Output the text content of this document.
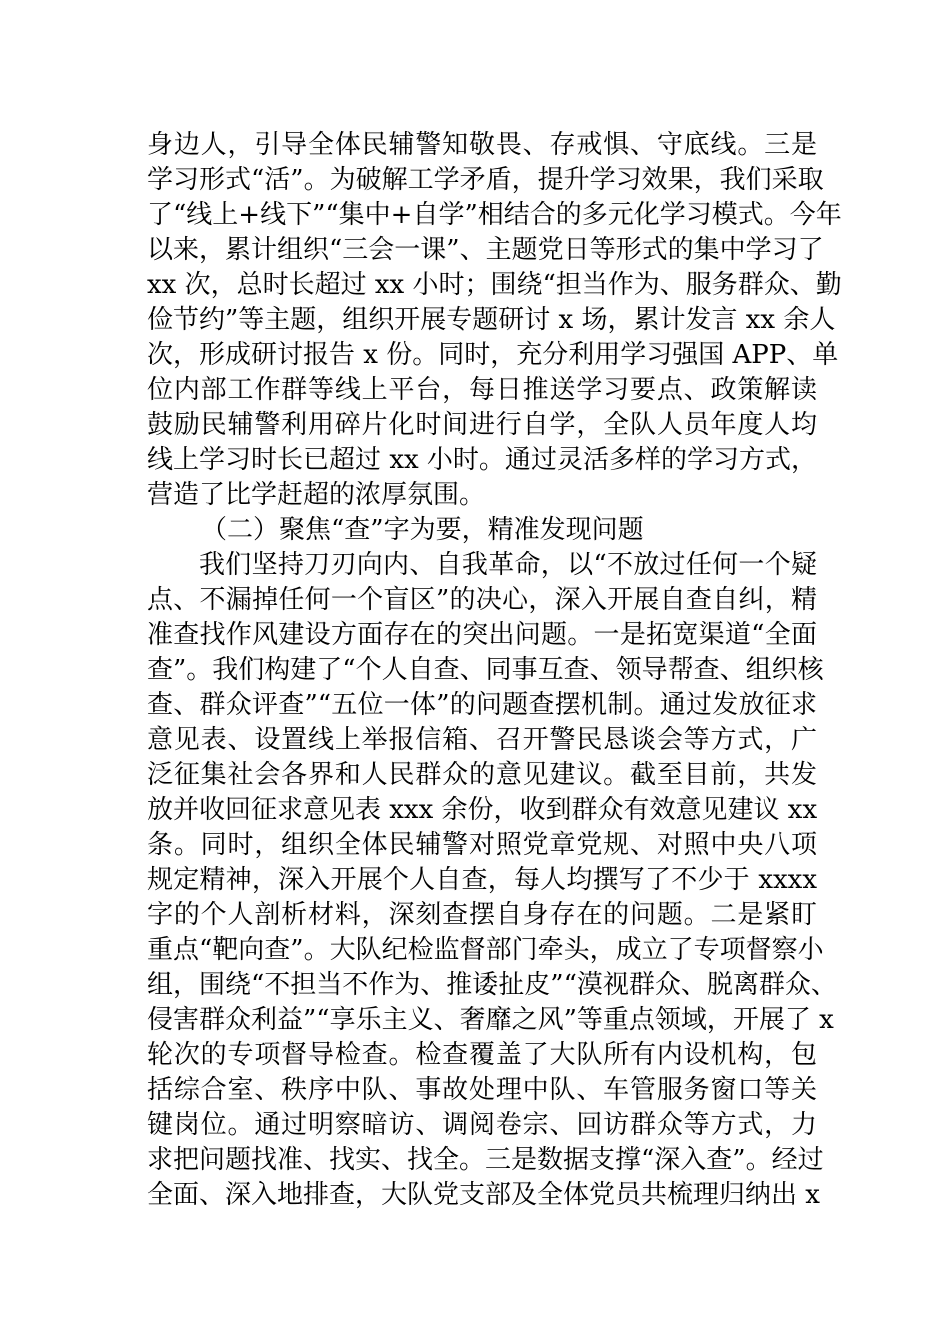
身边人，引导全体民辅警知敬畏、存戒惧、守底线。三是
学习形式“活”。为破解工学矛盾，提升学习效果，我们采取
了“线上+线下”“集中+自学”相结合的多元化学习模式。今年
以来，累计组织“三会一课”、主题党日等形式的集中学习了
xx 次，总时长超过 xx 小时；围绕“担当作为、服务群众、勤
俭节约”等主题，组织开展专题研讨 x 场，累计发言 xx 余人
次，形成研讨报告 x 份。同时，充分利用学习强国 APP、单
位内部工作群等线上平台，每日推送学习要点、政策解读
鼓励民辅警利用碎片化时间进行自学，全队人员年度人均
线上学习时长已超过 xx 小时。通过灵活多样的学习方式，
营造了比学赶超的浓厚氛围。
（二）聚焦“查”字为要，精准发现问题
我们坚持刀刃向内、自我革命，以“不放过任何一个疑
点、不漏掉任何一个盲区”的决心，深入开展自查自纠，精
准查找作风建设方面存在的突出问题。一是拓宽渠道“全面
查”。我们构建了“个人自查、同事互查、领导帮查、组织核
查、群众评查”“五位一体”的问题查摆机制。通过发放征求
意见表、设置线上举报信箱、召开警民恳谈会等方式，广
泛征集社会各界和人民群众的意见建议。截至目前，共发
放并收回征求意见表 xxx 余份，收到群众有效意见建议 xx
条。同时，组织全体民辅警对照党章党规、对照中央八项
规定精神，深入开展个人自查，每人均撰写了不少于 xxxx
字的个人剖析材料，深刻查摆自身存在的问题。二是紧盯
重点“靶向查”。大队纪检监督部门牵头，成立了专项督察小
组，围绕“不担当不作为、推诿扯皮”“漠视群众、脱离群众、
侵害群众利益”“享乐主义、奢靡之风”等重点领域，开展了 x
轮次的专项督导检查。检查覆盖了大队所有内设机构，包
括综合室、秩序中队、事故处理中队、车管服务窗口等关
键岗位。通过明察暗访、调阅卷宗、回访群众等方式，力
求把问题找准、找实、找全。三是数据支撑“深入查”。经过
全面、深入地排查，大队党支部及全体党员共梳理归纳出 x
